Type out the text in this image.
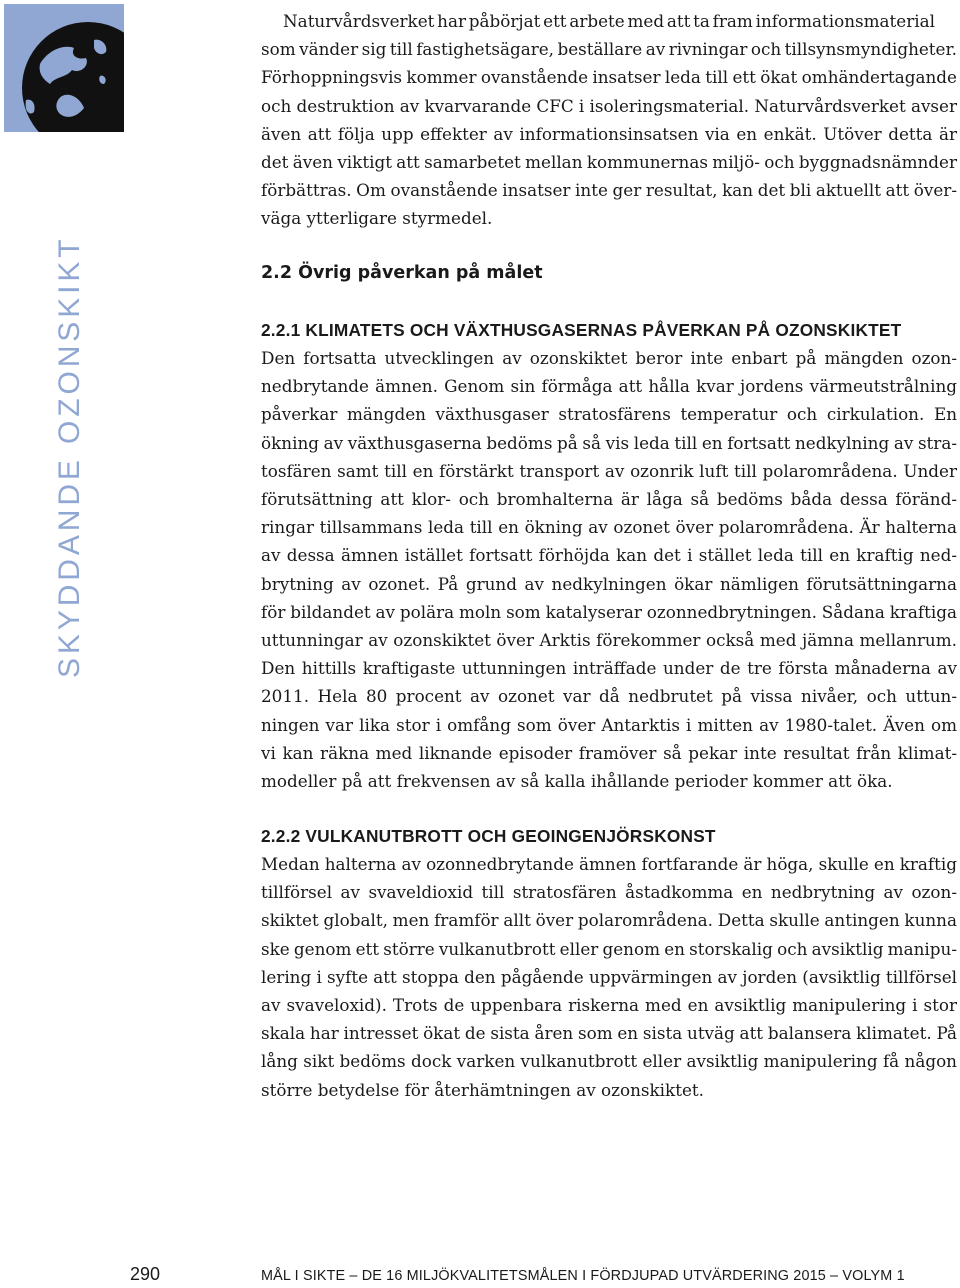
SKYDDANDE OZONSKIKT
Naturvårdsverket har påbörjat ett arbete med att ta fram informationsmaterial
som vänder sig till fastighetsägare, beställare av rivningar och tillsynsmyndigheter.
Förhoppningsvis kommer ovanstående insatser leda till ett ökat omhändertagande
och destruktion av kvarvarande CFC i isoleringsmaterial. Naturvårdsverket avser
även att följa upp effekter av informationsinsatsen via en enkät. Utöver detta är
det även viktigt att samarbetet mellan kommunernas miljö- och byggnadsnämnder
förbättras. Om ovanstående insatser inte ger resultat, kan det bli aktuellt att över-
väga ytterligare styrmedel.
2.2 Övrig påverkan på målet
2.2.1 KLIMATETS OCH VÄXTHUSGASERNAS PÅVERKAN PÅ OZONSKIKTET
Den fortsatta utvecklingen av ozonskiktet beror inte enbart på mängden ozon-
nedbrytande ämnen. Genom sin förmåga att hålla kvar jordens värmeutstrålning
påverkar mängden växthusgaser stratosfärens temperatur och cirkulation. En
ökning av växthusgaserna bedöms på så vis leda till en fortsatt nedkylning av stra-
tosfären samt till en förstärkt transport av ozonrik luft till polarområdena. Under
förutsättning att klor- och bromhalterna är låga så bedöms båda dessa föränd-
ringar tillsammans leda till en ökning av ozonet över polarområdena. Är halterna
av dessa ämnen istället fortsatt förhöjda kan det i stället leda till en kraftig ned-
brytning av ozonet. På grund av nedkylningen ökar nämligen förutsättningarna
för bildandet av polära moln som katalyserar ozonnedbrytningen. Sådana kraftiga
uttunningar av ozonskiktet över Arktis förekommer också med jämna mellanrum.
Den hittills kraftigaste uttunningen inträffade under de tre första månaderna av
2011. Hela 80 procent av ozonet var då nedbrutet på vissa nivåer, och uttun-
ningen var lika stor i omfång som över Antarktis i mitten av 1980-talet. Även om
vi kan räkna med liknande episoder framöver så pekar inte resultat från klimat-
modeller på att frekvensen av så kalla ihållande perioder kommer att öka.
2.2.2 VULKANUTBROTT OCH GEOINGENJÖRSKONST
Medan halterna av ozonnedbrytande ämnen fortfarande är höga, skulle en kraftig
tillförsel av svaveldioxid till stratosfären åstadkomma en nedbrytning av ozon-
skiktet globalt, men framför allt över polarområdena. Detta skulle antingen kunna
ske genom ett större vulkanutbrott eller genom en storskalig och avsiktlig manipu-
lering i syfte att stoppa den pågående uppvärmingen av jorden (avsiktlig tillförsel
av svaveloxid). Trots de uppenbara riskerna med en avsiktlig manipulering i stor
skala har intresset ökat de sista åren som en sista utväg att balansera klimatet. På
lång sikt bedöms dock varken vulkanutbrott eller avsiktlig manipulering få någon
större betydelse för återhämtningen av ozonskiktet.

290	MÅL I SIKTE – DE 16 MILJÖKVALITETSMÅLEN I FÖRDJUPAD UTVÄRDERING 2015 – VOLYM 1
